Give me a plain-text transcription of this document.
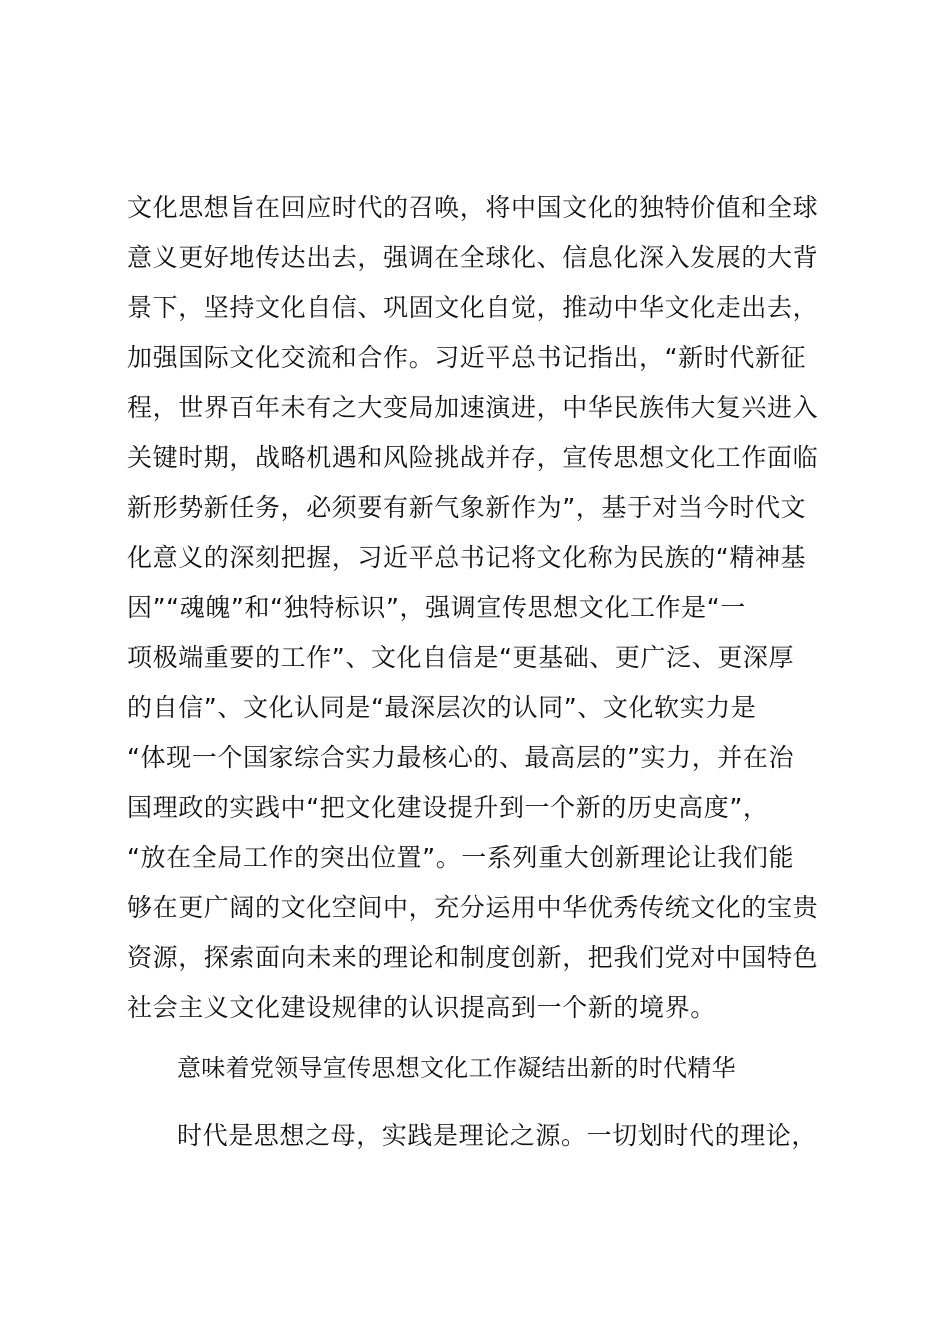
文化思想旨在回应时代的召唤，将中国文化的独特价值和全球
意义更好地传达出去，强调在全球化、信息化深入发展的大背
景下，坚持文化自信、巩固文化自觉，推动中华文化走出去，
加强国际文化交流和合作。习近平总书记指出，“新时代新征
程，世界百年未有之大变局加速演进，中华民族伟大复兴进入
关键时期，战略机遇和风险挑战并存，宣传思想文化工作面临
新形势新任务，必须要有新气象新作为”，基于对当今时代文
化意义的深刻把握，习近平总书记将文化称为民族的“精神基
因”“魂魄”和“独特标识”，强调宣传思想文化工作是“一
项极端重要的工作”、文化自信是“更基础、更广泛、更深厚
的自信”、文化认同是“最深层次的认同”、文化软实力是
“体现一个国家综合实力最核心的、最高层的”实力，并在治
国理政的实践中“把文化建设提升到一个新的历史高度”，
“放在全局工作的突出位置”。一系列重大创新理论让我们能
够在更广阔的文化空间中，充分运用中华优秀传统文化的宝贵
资源，探索面向未来的理论和制度创新，把我们党对中国特色
社会主义文化建设规律的认识提高到一个新的境界。
意味着党领导宣传思想文化工作凝结出新的时代精华
时代是思想之母，实践是理论之源。一切划时代的理论，
